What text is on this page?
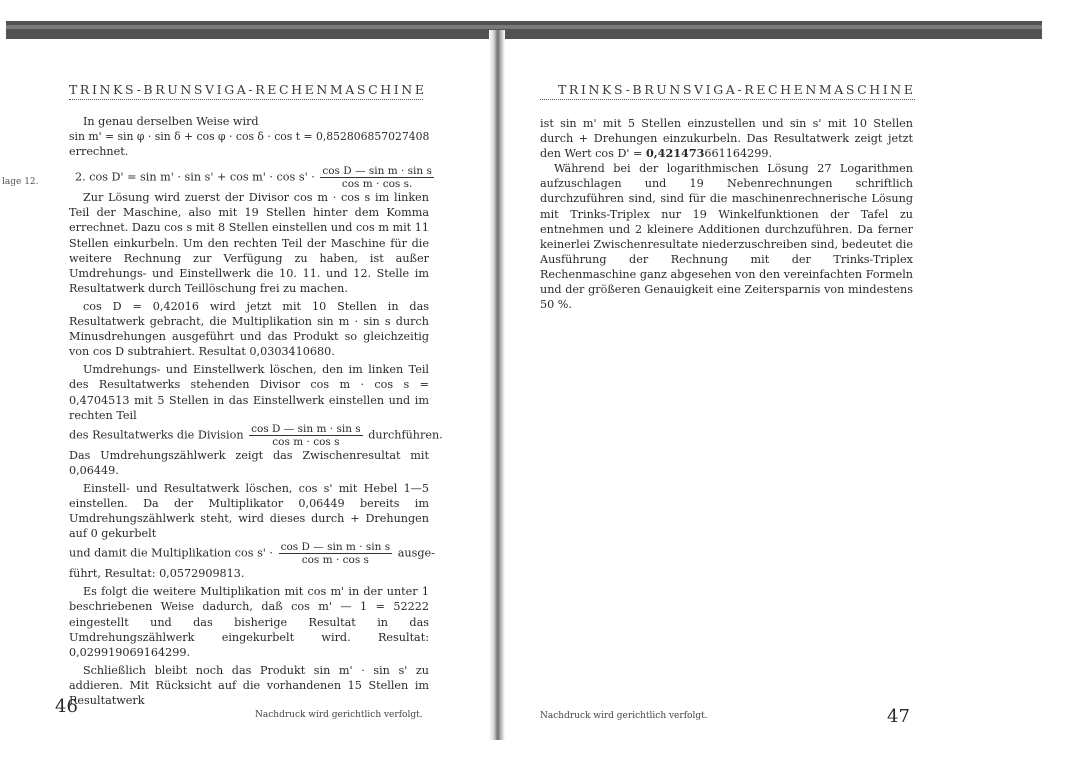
lage 12.
TRINKS-BRUNSVIGA-RECHENMASCHINE

In genau derselben Weise wird

sin m' = sin φ · sin δ + cos φ · cos δ · cos t = 0,852806857027408
errechnet.
2. $\cos D' = \sin m' \cdot \sin s' + \cos m' \cdot \cos s' \cdot \frac{\text{cos D — sin m · sin s}}{\text{cos m · cos s.}}$

Zur Lösung wird zuerst der Divisor cos m · cos s im linken Teil der Maschine, also mit 19 Stellen hinter dem Komma errechnet. Dazu cos s mit 8 Stellen einstellen und cos m mit 11 Stellen einkurbeln. Um den rechten Teil der Maschine für die weitere Rechnung zur Verfügung zu haben, ist außer Umdrehungs- und Einstellwerk die 10. 11. und 12. Stelle im Resultatwerk durch Teillöschung frei zu machen.

cos D = 0,42016 wird jetzt mit 10 Stellen in das Resultatwerk gebracht, die Multiplikation sin m · sin s durch Minusdrehungen ausgeführt und das Produkt so gleichzeitig von cos D subtrahiert. Resultat 0,0303410680.

Umdrehungs- und Einstellwerk löschen, den im linken Teil des Resultatwerks stehenden Divisor cos m · cos s = 0,4704513 mit 5 Stellen in das Einstellwerk einstellen und im rechten Teil

des Resultatwerks die Division $\frac{\text{cos D — sin m · sin s}}{\text{cos m · cos s}}$ durchführen.
Das Umdrehungszählwerk zeigt das Zwischenresultat mit 0,06449.

Einstell- und Resultatwerk löschen, cos s' mit Hebel 1—5 einstellen. Da der Multiplikator 0,06449 bereits im Umdrehungszählwerk steht, wird dieses durch + Drehungen auf 0 gekurbelt

und damit die Multiplikation $\cos s' \cdot \frac{\text{cos D — sin m · sin s}}{\text{cos m · cos s}}$ ausge-
führt, Resultat: 0,0572909813.

Es folgt die weitere Multiplikation mit cos m' in der unter 1 beschriebenen Weise dadurch, daß cos m' — 1 = 52222 eingestellt und das bisherige Resultat in das Umdrehungszählwerk eingekurbelt wird. Resultat: 0,029919069164299.

Schließlich bleibt noch das Produkt sin m' · sin s' zu addieren. Mit Rücksicht auf die vorhandenen 15 Stellen im Resultatwerk

46	Nachdruck wird gerichtlich verfolgt.
TRINKS-BRUNSVIGA-RECHENMASCHINE
ist sin m' mit 5 Stellen einzustellen und sin s' mit 10 Stellen durch + Drehungen einzukurbeln. Das Resultatwerk zeigt jetzt den Wert cos D' = 0,421473661164299.

Während bei der logarithmischen Lösung 27 Logarithmen aufzuschlagen und 19 Nebenrechnungen schriftlich durchzuführen sind, sind für die maschinenrechnerische Lösung mit Trinks-Triplex nur 19 Winkelfunktionen der Tafel zu entnehmen und 2 kleinere Additionen durchzuführen. Da ferner keinerlei Zwischenresultate niederzuschreiben sind, bedeutet die Ausführung der Rechnung mit der Trinks-Triplex Rechenmaschine ganz abgesehen von den vereinfachten Formeln und der größeren Genauigkeit eine Zeitersparnis von mindestens 50 %.

Nachdruck wird gerichtlich verfolgt.	47
